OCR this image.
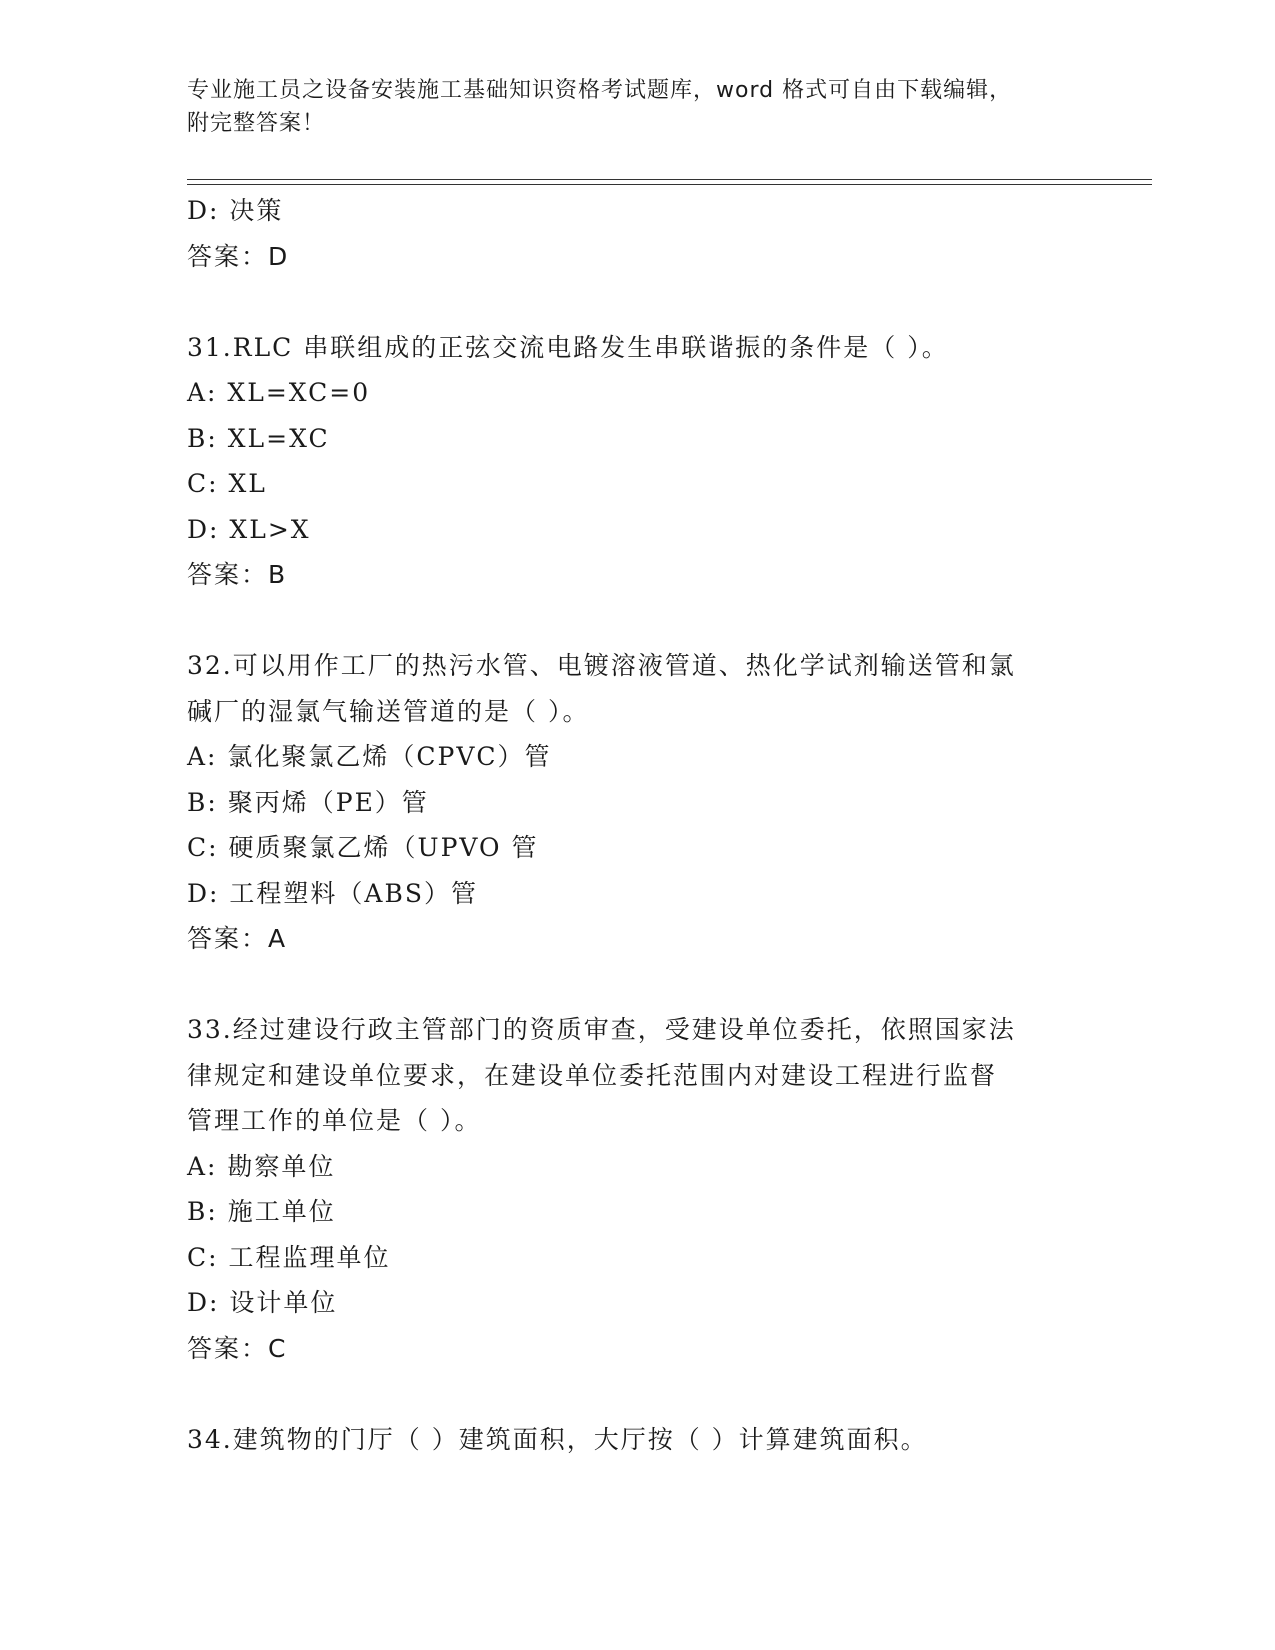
专业施工员之设备安装施工基础知识资格考试题库，word 格式可自由下载编辑，
附完整答案！
D: 决策
答案：D
31.RLC 串联组成的正弦交流电路发生串联谐振的条件是（ ）。
A: XL=XC=0
B: XL=XC
C: XL
D: XL>X
答案：B
32.可以用作工厂的热污水管、电镀溶液管道、热化学试剂输送管和氯
碱厂的湿氯气输送管道的是（ ）。
A: 氯化聚氯乙烯（CPVC）管
B: 聚丙烯（PE）管
C: 硬质聚氯乙烯（UPVO 管
D: 工程塑料（ABS）管
答案：A
33.经过建设行政主管部门的资质审查，受建设单位委托，依照国家法
律规定和建设单位要求，在建设单位委托范围内对建设工程进行监督
管理工作的单位是（ ）。
A: 勘察单位
B: 施工单位
C: 工程监理单位
D: 设计单位
答案：C
34.建筑物的门厅（ ）建筑面积，大厅按（ ）计算建筑面积。
